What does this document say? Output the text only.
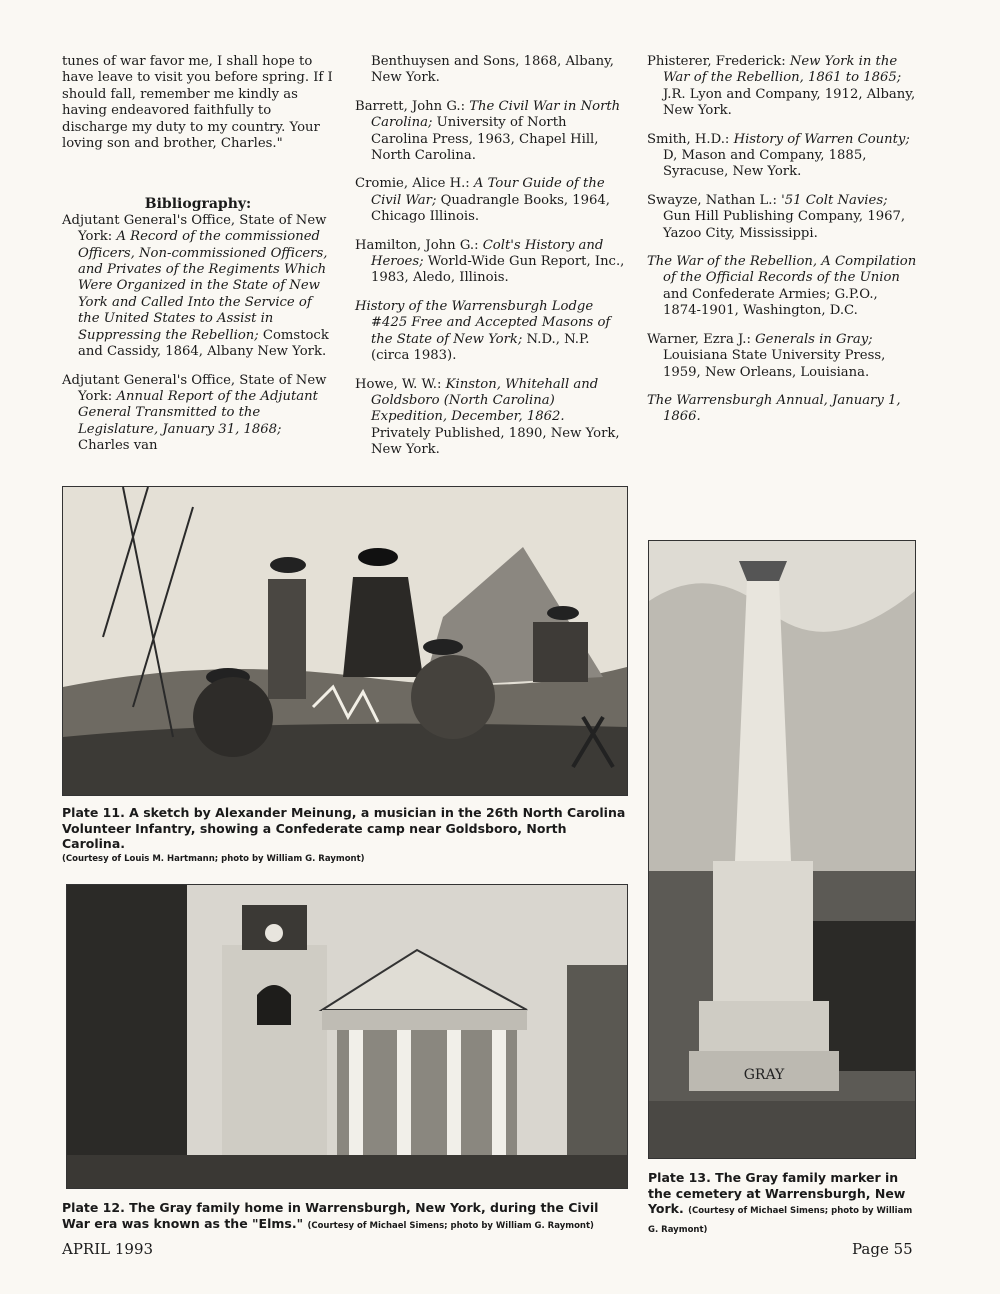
tunes of war favor me, I shall hope to have leave to visit you before spring. If I should fall, remember me kindly as having endeavored faithfully to discharge my duty to my country. Your loving son and brother, Charles."

Bibliography:

Adjutant General's Office, State of New York: A Record of the commissioned Officers, Non-commissioned Officers, and Privates of the Regiments Which Were Organized in the State of New York and Called Into the Service of the United States to Assist in Suppressing the Rebellion; Comstock and Cassidy, 1864, Albany New York.

Adjutant General's Office, State of New York: Annual Report of the Adjutant General Transmitted to the Legislature, January 31, 1868; Charles van

Benthuysen and Sons, 1868, Albany, New York.

Barrett, John G.: The Civil War in North Carolina; University of North Carolina Press, 1963, Chapel Hill, North Carolina.

Cromie, Alice H.: A Tour Guide of the Civil War; Quadrangle Books, 1964, Chicago Illinois.

Hamilton, John G.: Colt's History and Heroes; World-Wide Gun Report, Inc., 1983, Aledo, Illinois.

History of the Warrensburgh Lodge #425 Free and Accepted Masons of the State of New York; N.D., N.P. (circa 1983).

Howe, W. W.: Kinston, Whitehall and Goldsboro (North Carolina) Expedition, December, 1862. Privately Published, 1890, New York, New York.

Phisterer, Frederick: New York in the War of the Rebellion, 1861 to 1865; J.R. Lyon and Company, 1912, Albany, New York.

Smith, H.D.: History of Warren County; D, Mason and Company, 1885, Syracuse, New York.

Swayze, Nathan L.: '51 Colt Navies; Gun Hill Publishing Company, 1967, Yazoo City, Mississippi.

The War of the Rebellion, A Compilation of the Official Records of the Union and Confederate Armies; G.P.O., 1874-1901, Washington, D.C.

Warner, Ezra J.: Generals in Gray; Louisiana State University Press, 1959, New Orleans, Louisiana.

The Warrensburgh Annual, January 1, 1866.

Plate 11. A sketch by Alexander Meinung, a musician in the 26th North Carolina Volunteer Infantry, showing a Confederate camp near Goldsboro, North Carolina.
(Courtesy of Louis M. Hartmann; photo by William G. Raymont)
Plate 12. The Gray family home in Warrensburgh, New York, during the Civil War era was known as the "Elms." (Courtesy of Michael Simens; photo by William G. Raymont)
GRAY
Plate 13. The Gray family marker in the cemetery at Warrensburgh, New York. (Courtesy of Michael Simens; photo by William G. Raymont)
APRIL 1993	Page 55
